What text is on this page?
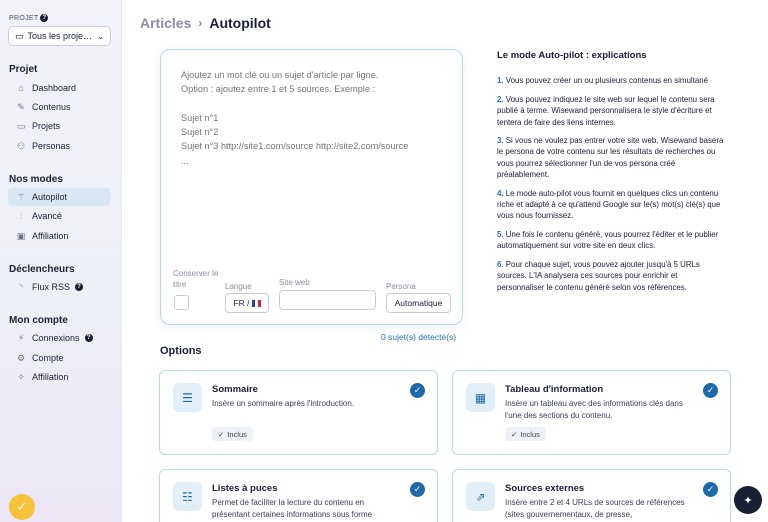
PROJET ?
▭ Tous les proje… ⌄
Projet
⌂ Dashboard
✎ Contenus
▭ Projets
⚇ Personas
Nos modes
⚚ Autopilot
⫶	Avancé
▣ Affiliation
Déclencheurs
◝	Flux RSS	?
Mon compte
⚡ Connexions	?
⚙ Compte
✧ Affiliation
✓
Articles › Autopilot
Ajoutez un mot clé ou un sujet d'article par ligne. Option : ajoutez entre 1 et 5 sources. Exemple : Sujet n°1 Sujet n°2 Sujet n°3 http://site1.com/source http://site2.com/source ...
Conserver le titre	Langue
FR /
Site web	Persona
Automatique
0 sujet(s) détecté(s)
Le mode Auto-pilot : explications

1. Vous pouvez créer un ou plusieurs contenus en simultané

2. Vous pouvez indiquez le site web sur lequel le contenu sera publié à terme. Wisewand personnalisera le style d'écriture et tentera de faire des liens internes.

3. Si vous ne voulez pas entrer votre site web, Wisewand basera le persona de votre contenu sur les résultats de recherches ou vous pourrez sélectionner l'un de vos persona créé préalablement.

4. Le mode auto-pilot vous fournit en quelques clics un contenu riche et adapté à ce qu'attend Google sur le(s) mot(s) clé(s) que vous nous fournissez.

5. Une fois le contenu généré, vous pourrez l'éditer et le publier automatiquement sur votre site en deux clics.

6. Pour chaque sujet, vous pouvez ajouter jusqu'à 5 URLs sources. L'IA analysera ces sources pour enrichir et personnaliser le contenu généré selon vos références.

Options
☰
Sommaire
Insère un sommaire après l'introduction.
✓
✓ Inclus
▦
Tableau d'information
Insère un tableau avec des informations clés dans l'une des sections du contenu.
✓
✓ Inclus
☷
Listes à puces
Permet de faciliter la lecture du contenu en présentant certaines informations sous forme
✓
⇗
Sources externes
Insère entre 2 et 4 URLs de sources de références (sites gouvernementaux, de presse,
✓
✦
